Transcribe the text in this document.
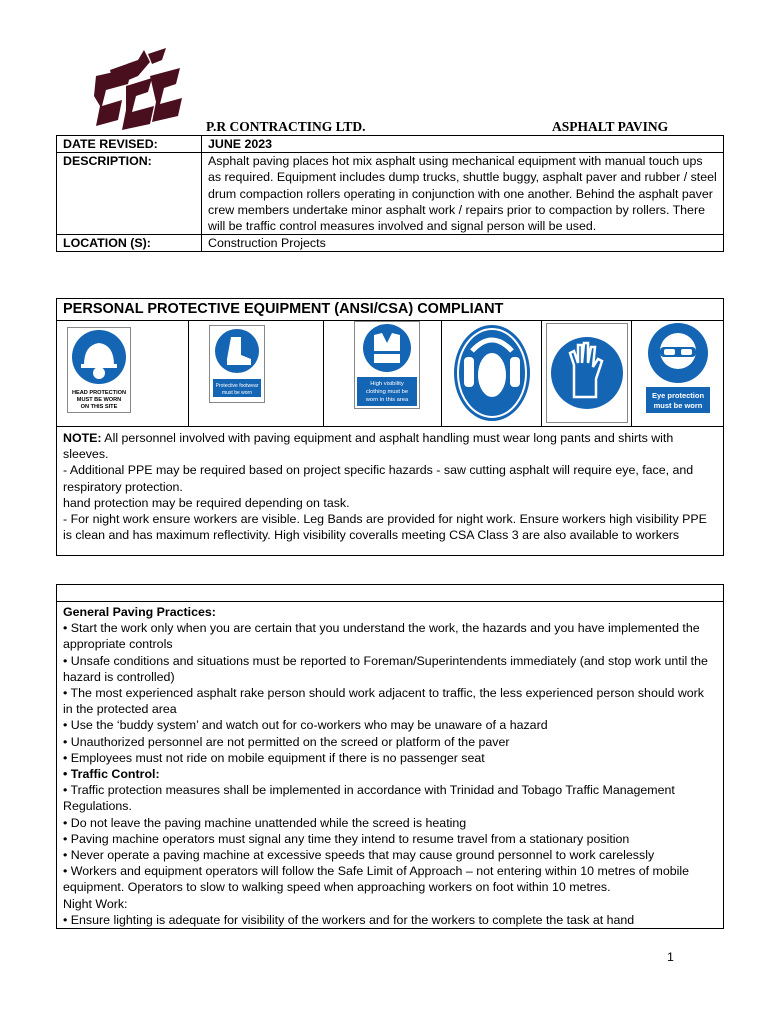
P.R CONTRACTING LTD.	ASPHALT PAVING
DATE REVISED:	JUNE 2023
DESCRIPTION:	Asphalt paving places hot mix asphalt using mechanical equipment with manual touch ups as required. Equipment includes dump trucks, shuttle buggy, asphalt paver and rubber / steel drum compaction rollers operating in conjunction with one another. Behind the asphalt paver crew members undertake minor asphalt work / repairs prior to compaction by rollers. There will be traffic control measures involved and signal person will be used.
LOCATION (S):	Construction Projects
PERSONAL PROTECTIVE EQUIPMENT (ANSI/CSA) COMPLIANT
HEAD PROTECTION
MUST BE WORN
ON THIS SITE
Protective footwear
must be worn
High visibility
clothing must be
worn in this area	Eye protection
must be worn
NOTE: All personnel involved with paving equipment and asphalt handling must wear long pants and shirts with sleeves.
- Additional PPE may be required based on project specific hazards - saw cutting asphalt will require eye, face, and respiratory protection.
hand protection may be required depending on task.
- For night work ensure workers are visible. Leg Bands are provided for night work. Ensure workers high visibility PPE is clean and has maximum reflectivity. High visibility coveralls meeting CSA Class 3 are also available to workers

General Paving Practices:

• Start the work only when you are certain that you understand the work, the hazards and you have implemented the appropriate controls

• Unsafe conditions and situations must be reported to Foreman/Superintendents immediately (and stop work until the hazard is controlled)

• The most experienced asphalt rake person should work adjacent to traffic, the less experienced person should work in the protected area

• Use the ‘buddy system’ and watch out for co-workers who may be unaware of a hazard

• Unauthorized personnel are not permitted on the screed or platform of the paver

• Employees must not ride on mobile equipment if there is no passenger seat

• Traffic Control:

• Traffic protection measures shall be implemented in accordance with Trinidad and Tobago Traffic Management Regulations.

• Do not leave the paving machine unattended while the screed is heating

• Paving machine operators must signal any time they intend to resume travel from a stationary position

• Never operate a paving machine at excessive speeds that may cause ground personnel to work carelessly

• Workers and equipment operators will follow the Safe Limit of Approach – not entering within 10 metres of mobile equipment. Operators to slow to walking speed when approaching workers on foot within 10 metres.

Night Work:

• Ensure lighting is adequate for visibility of the workers and for the workers to complete the task at hand

1
